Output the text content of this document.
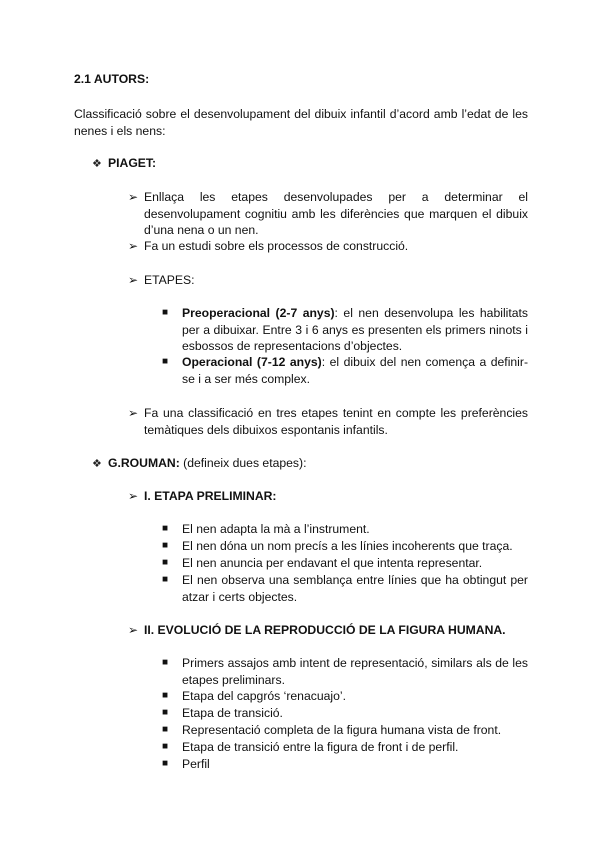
2.1 AUTORS:
Classificació sobre el desenvolupament del dibuix infantil d’acord amb l’edat de les nenes i els nens:
❖ PIAGET:
➢ Enllaça les etapes desenvolupades per a determinar el desenvolupament cognitiu amb les diferències que marquen el dibuix d’una nena o un nen.
➢ Fa un estudi sobre els processos de construcció.
➢ ETAPES:
■ Preoperacional (2-7 anys): el nen desenvolupa les habilitats per a dibuixar. Entre 3 i 6 anys es presenten els primers ninots i esbossos de representacions d’objectes.
■ Operacional (7-12 anys): el dibuix del nen comença a definir-se i a ser més complex.
➢ Fa una classificació en tres etapes tenint en compte les preferències temàtiques dels dibuixos espontanis infantils.
❖ G.ROUMAN: (defineix dues etapes):
➢ I. ETAPA PRELIMINAR:
■ El nen adapta la mà a l’instrument.
■ El nen dóna un nom precís a les línies incoherents que traça.
■ El nen anuncia per endavant el que intenta representar.
■ El nen observa una semblança entre línies que ha obtingut per atzar i certs objectes.
➢ II. EVOLUCIÓ DE LA REPRODUCCIÓ DE LA FIGURA HUMANA.
■ Primers assajos amb intent de representació, similars als de les etapes preliminars.
■ Etapa del capgrós ‘renacuajo’.
■ Etapa de transició.
■ Representació completa de la figura humana vista de front.
■ Etapa de transició entre la figura de front i de perfil.
■ Perfil
